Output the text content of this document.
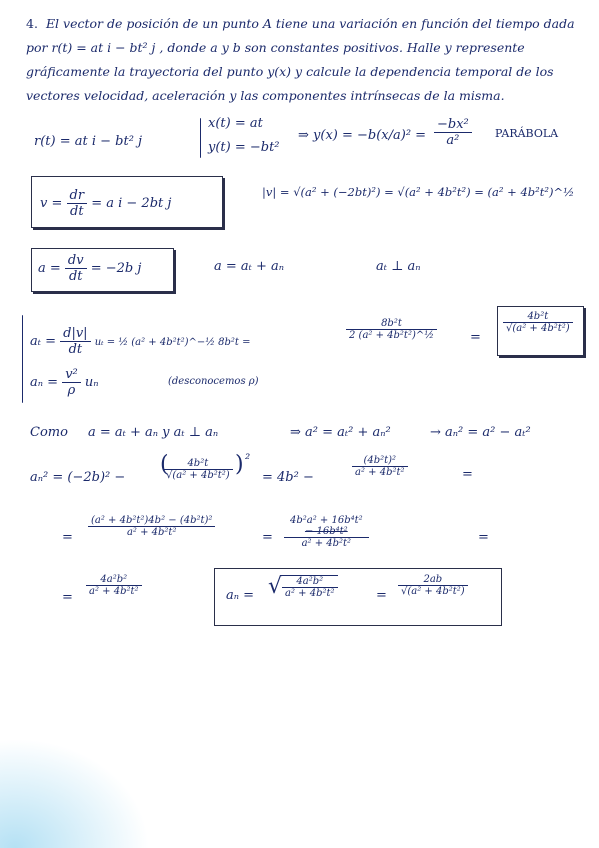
4. El vector de posición de un punto A tiene una variación en función del tiempo dada por r(t) = at i − bt² j , donde a y b son constantes positivos. Halle y represente gráficamente la trayectoria del punto y(x) y calcule la dependencia temporal de los vectores velocidad, aceleración y las componentes intrínsecas de la misma.
r(t) = at i − bt² j
x(t) = at
y(t) = −bt²
⇒ $y(x) = -b(x/a)^2 = \frac{\text{−bx²}}{\text{a²}}$ PARÁBOLA
$v = \frac{dr}{dt} = a$ i − 2bt j
|v| = √(a² + (−2bt)²) = √(a² + 4b²t²) = (a² + 4b²t²)^½
$a = \frac{dv}{dt} = -2b$ j	a = aₜ + aₙ	aₜ ⊥ aₙ
$a_t = \frac{d|v|}{dt}$ uₜ = ½ (a² + 4b²t²)^−½ 8b²t =
$\frac{\text{8b²t}}{\text{2 (a² + 4b²t²)\textasciicircum{}½}}$	=
$\frac{\text{4b²t}}{\text{√(a² + 4b²t²)}}$
$a_n = \frac{\text{v²}}{\rho}$ uₙ	(desconocemos ρ)
Como a = aₜ + aₙ y aₜ ⊥ aₙ	⇒ a² = aₜ² + aₙ²	→ aₙ² = a² − aₜ²
aₙ² = (−2b)² −
(
$\frac{\text{4b²t}}{\text{√(a² + 4b²t²)}}$ ) ²
= 4b² −	$\frac{\text{(4b²t)²}}{\text{a² + 4b²t²}}$	=
= $\frac{\text{(a² + 4b²t²)4b² − (4b²t)²}}{\text{a² + 4b²t²}}$	= 4b²a² + 16b⁴t²
− 16b⁴t²
a² + 4b²t²	=
=
$\frac{\text{4a²b²}}{\text{a² + 4b²t²}}$	aₙ = √ $\frac{\text{4a²b²}}{\text{a² + 4b²t²}}$	= $\frac{2ab}{\text{√(a² + 4b²t²)}}$
